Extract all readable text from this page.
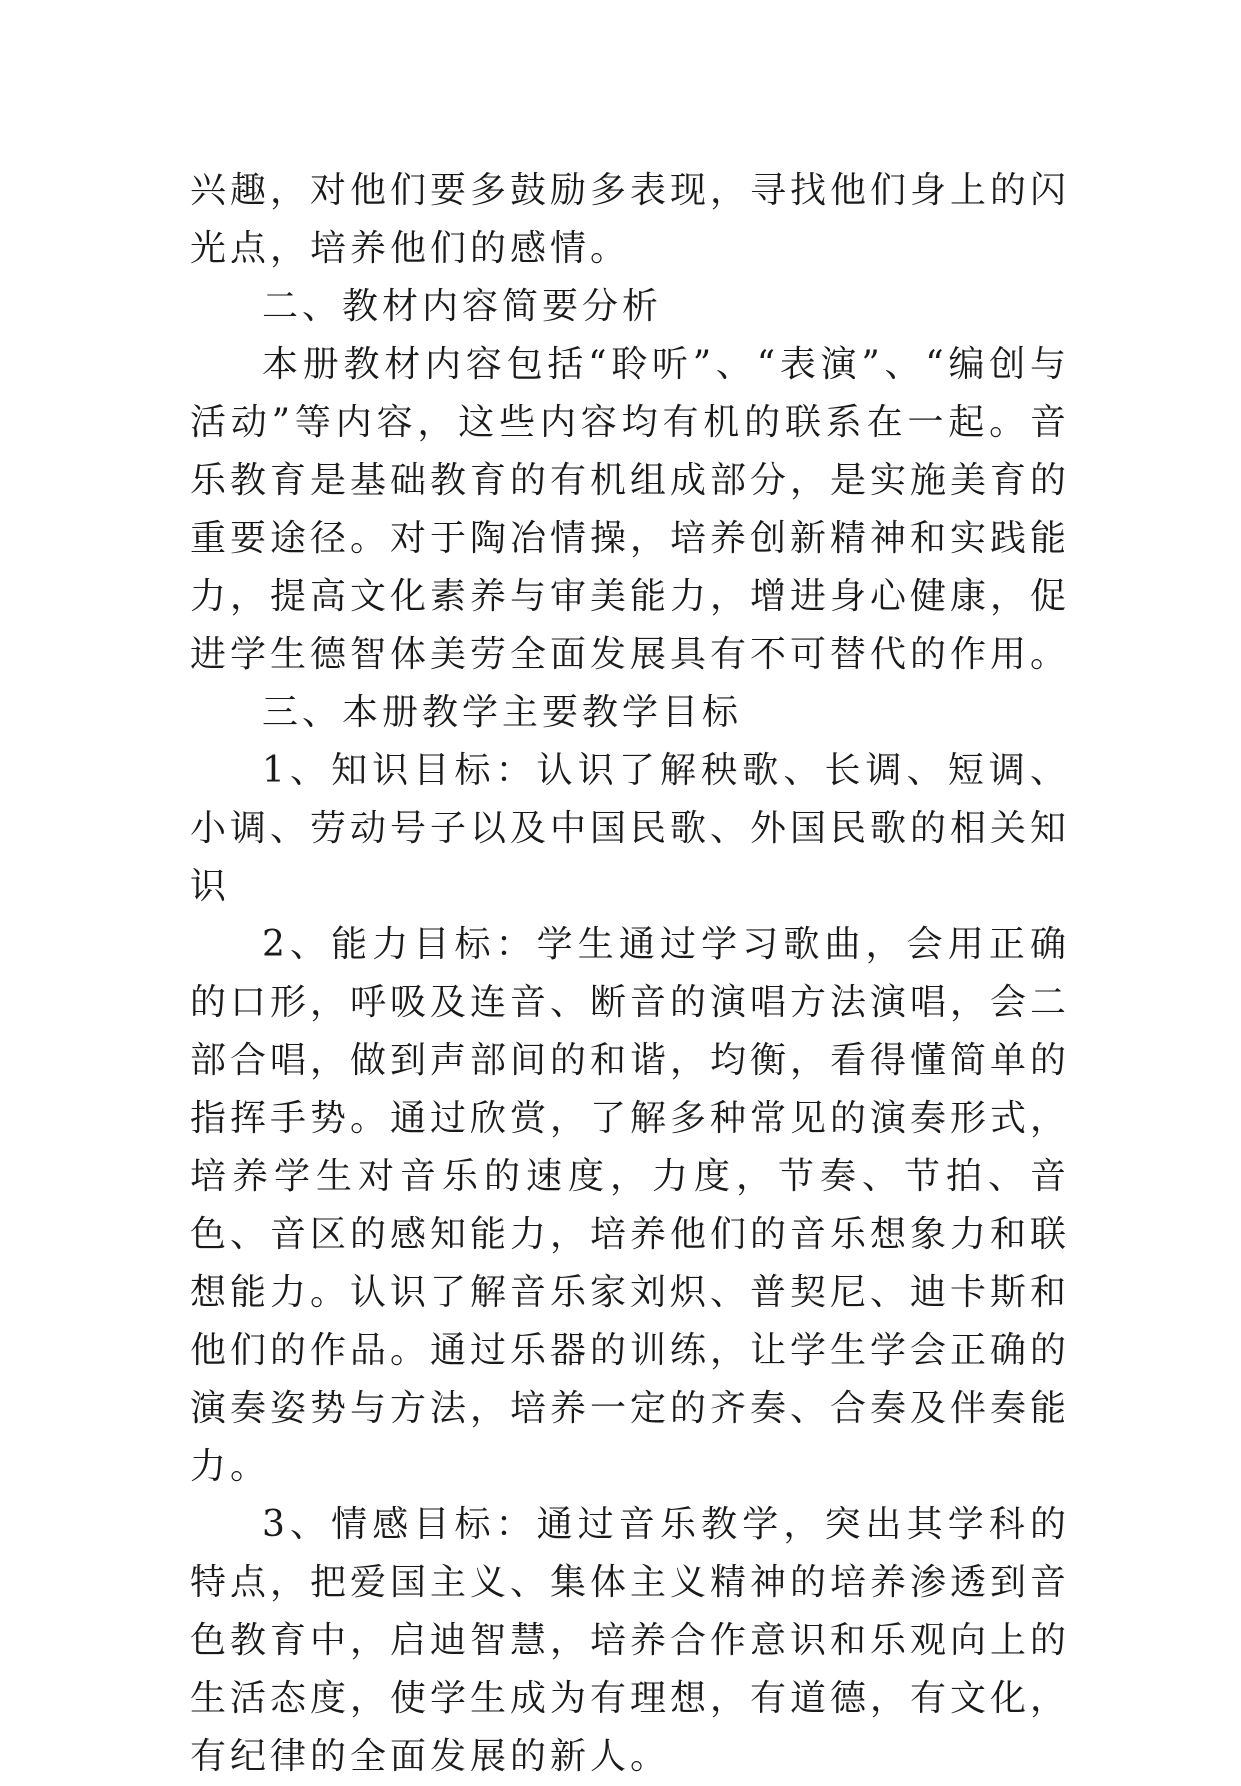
兴趣，对他们要多鼓励多表现，寻找他们身上的闪光点，培养他们的感情。

二、教材内容简要分析

本册教材内容包括“聆听”、“表演”、“编创与活动”等内容，这些内容均有机的联系在一起。音乐教育是基础教育的有机组成部分，是实施美育的重要途径。对于陶冶情操，培养创新精神和实践能力，提高文化素养与审美能力，增进身心健康，促进学生德智体美劳全面发展具有不可替代的作用。

三、本册教学主要教学目标

1、知识目标：认识了解秧歌、长调、短调、小调、劳动号子以及中国民歌、外国民歌的相关知识

2、能力目标：学生通过学习歌曲，会用正确的口形，呼吸及连音、断音的演唱方法演唱，会二部合唱，做到声部间的和谐，均衡，看得懂简单的指挥手势。通过欣赏，了解多种常见的演奏形式，培养学生对音乐的速度，力度，节奏、节拍、音色、音区的感知能力，培养他们的音乐想象力和联想能力。认识了解音乐家刘炽、普契尼、迪卡斯和他们的作品。通过乐器的训练，让学生学会正确的演奏姿势与方法，培养一定的齐奏、合奏及伴奏能力。

3、情感目标：通过音乐教学，突出其学科的特点，把爱国主义、集体主义精神的培养渗透到音色教育中，启迪智慧，培养合作意识和乐观向上的生活态度，使学生成为有理想，有道德，有文化，有纪律的全面发展的新人。
